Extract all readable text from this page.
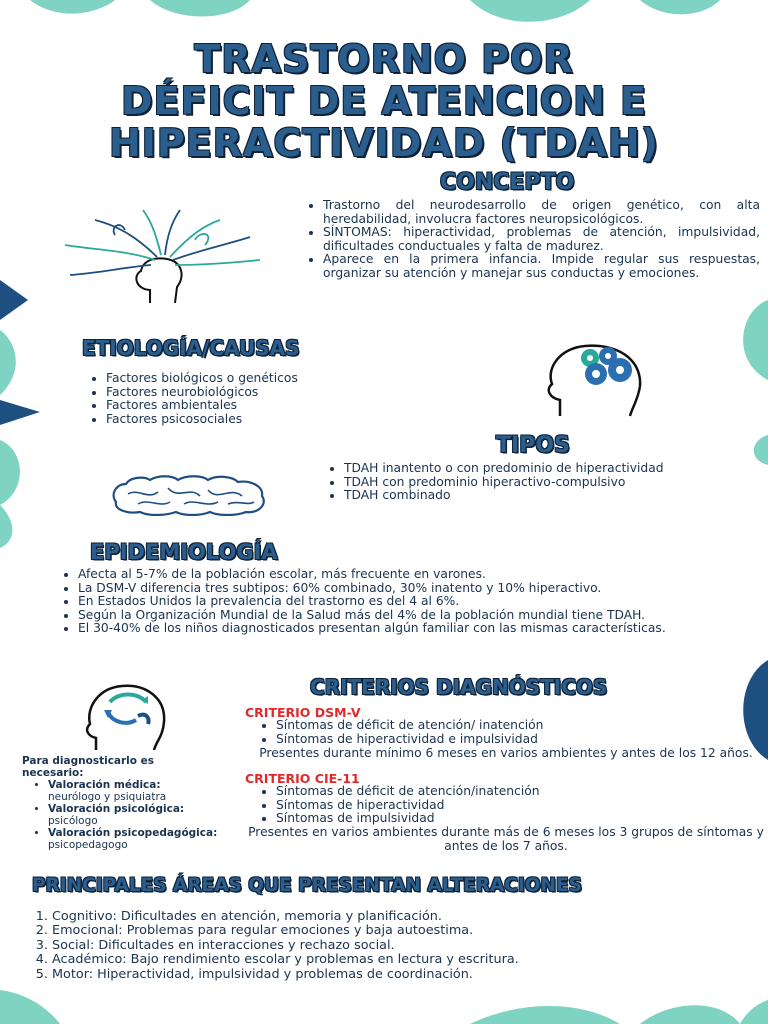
TRASTORNO POR
DÉFICIT DE ATENCION E
HIPERACTIVIDAD (TDAH)
CONCEPTO
• Trastorno del neurodesarrollo de origen genético, con alta heredabilidad, involucra factores neuropsicológicos.
• SÍNTOMAS: hiperactividad, problemas de atención, impulsividad, dificultades conductuales y falta de madurez.
• Aparece en la primera infancia. Impide regular sus respuestas, organizar su atención y manejar sus conductas y emociones.
ETIOLOGÍA/CAUSAS
• Factores biológicos o genéticos
• Factores neurobiológicos
• Factores ambientales
• Factores psicosociales
TIPOS
• TDAH inantento o con predominio de hiperactividad
• TDAH con predominio hiperactivo-compulsivo
• TDAH combinado
EPIDEMIOLOGÍA
• Afecta al 5-7% de la población escolar, más frecuente en varones.
• La DSM-V diferencia tres subtipos: 60% combinado, 30% inatento y 10% hiperactivo.
• En Estados Unidos la prevalencia del trastorno es del 4 al 6%.
• Según la Organización Mundial de la Salud más del 4% de la población mundial tiene TDAH.
• El 30-40% de los niños diagnosticados presentan algún familiar con las mismas características.
CRITERIOS DIAGNÓSTICOS
CRITERIO DSM-V
• Síntomas de déficit de atención/ inatención
• Síntomas de hiperactividad e impulsividad
Presentes durante mínimo 6 meses en varios ambientes y antes de los 12 años.
CRITERIO CIE-11
• Síntomas de déficit de atención/inatención
• Síntomas de hiperactividad
• Síntomas de impulsividad
Presentes en varios ambientes durante más de 6 meses los 3 grupos de síntomas y antes de los 7 años.
Para diagnosticarlo es necesario:
• Valoración médica:
neurólogo y psiquiatra
• Valoración psicológica:
psicólogo
• Valoración psicopedagógica:
psicopedagogo
PRINCIPALES ÁREAS QUE PRESENTAN ALTERACIONES
1. Cognitivo: Dificultades en atención, memoria y planificación.
2. Emocional: Problemas para regular emociones y baja autoestima.
3. Social: Dificultades en interacciones y rechazo social.
4. Académico: Bajo rendimiento escolar y problemas en lectura y escritura.
5. Motor: Hiperactividad, impulsividad y problemas de coordinación.
